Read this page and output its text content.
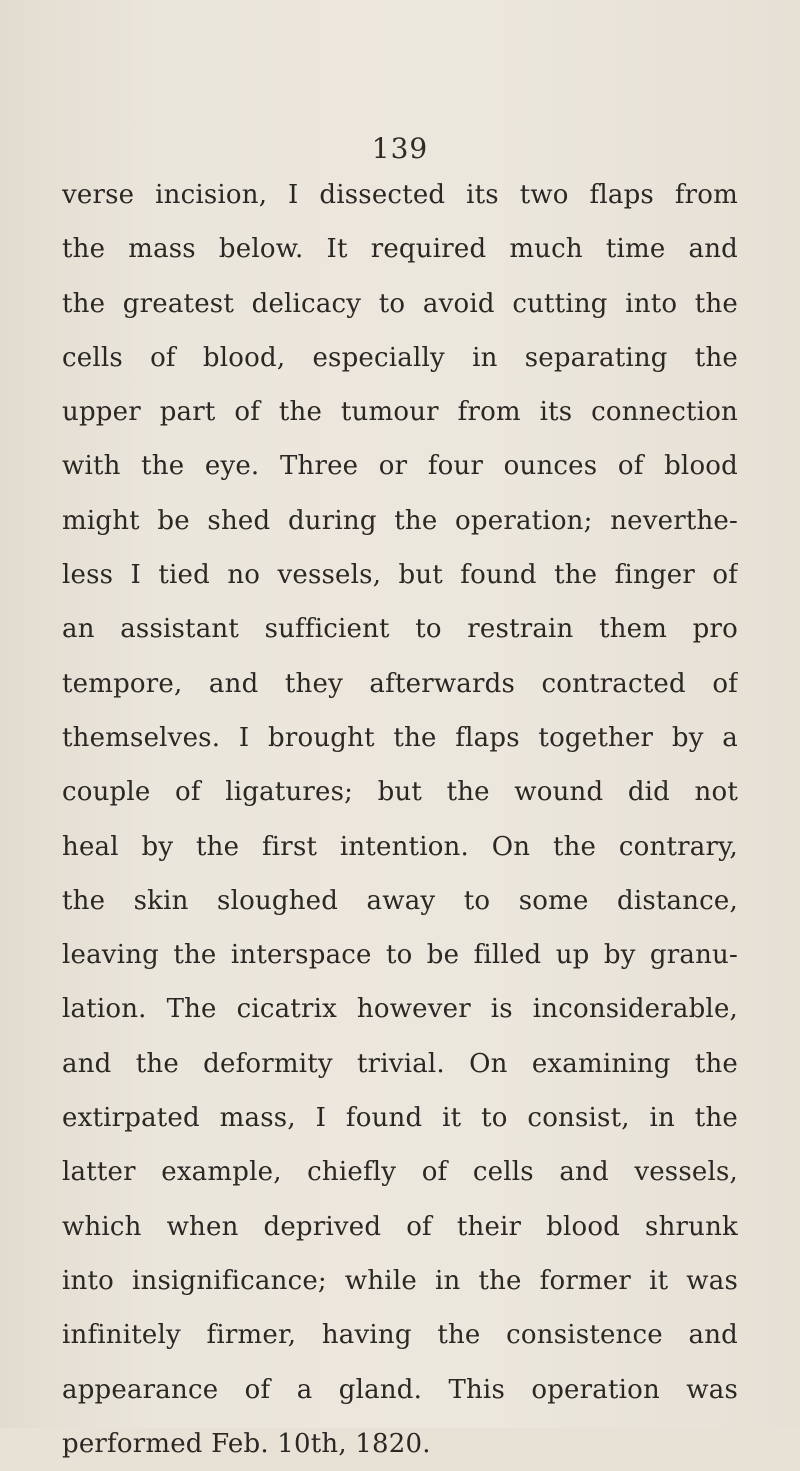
139
verse incision, I dissected its two flaps from
the mass below. It required much time and
the greatest delicacy to avoid cutting into the
cells of blood, especially in separating the
upper part of the tumour from its connection
with the eye. Three or four ounces of blood
might be shed during the operation; neverthe-
less I tied no vessels, but found the finger of
an assistant sufficient to restrain them pro
tempore, and they afterwards contracted of
themselves. I brought the flaps together by a
couple of ligatures; but the wound did not
heal by the first intention. On the contrary,
the skin sloughed away to some distance,
leaving the interspace to be filled up by granu-
lation. The cicatrix however is inconsiderable,
and the deformity trivial. On examining the
extirpated mass, I found it to consist, in the
latter example, chiefly of cells and vessels,
which when deprived of their blood shrunk
into insignificance; while in the former it was
infinitely firmer, having the consistence and
appearance of a gland. This operation was
performed Feb. 10th, 1820.
